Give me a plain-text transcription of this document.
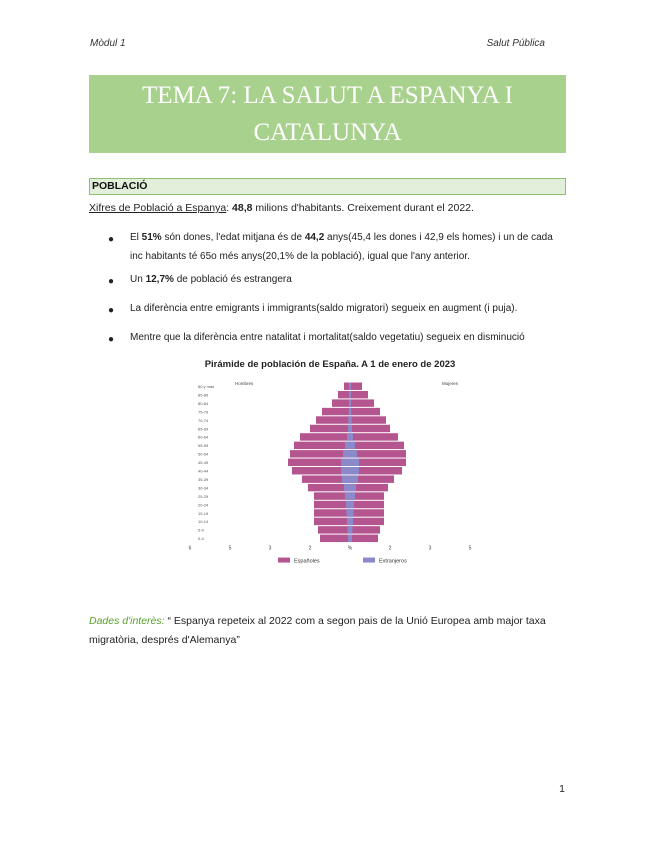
Mòdul 1	Salut Pública
TEMA 7: LA SALUT A ESPANYA I
CATALUNYA
POBLACIÓ
Xifres de Població a Espanya: 48,8 milions d'habitants. Creixement durant el 2022.
● El 51% són dones, l'edat mitjana és de 44,2 anys(45,4 les dones i 42,9 els homes) i un de cada inc habitants té 65o més anys(20,1% de la població), igual que l'any anterior.
● Un 12,7% de població és estrangera
● La diferència entre emigrants i immigrants(saldo migratori) segueix en augment (i puja).
● Mentre que la diferència entre natalitat i mortalitat(saldo vegetatiu) segueix en disminució
Pirámide de población de España. A 1 de enero de 2023
Hombres	Mujeres
80 y más
85-89
80-84
75-79
70-74
65-69
60-64
55-59
50-54
45-49
40-44
35-39
30-34
25-29
20-24
15-19
10-14
5-9
0-4
6	5	3	2	%	2	3	5
Españoles	Extranjeros
Dades d'interès: “ Espanya repeteix al 2022 com a segon pais de la Unió Europea amb major taxa migratòria, després d'Alemanya”
1
